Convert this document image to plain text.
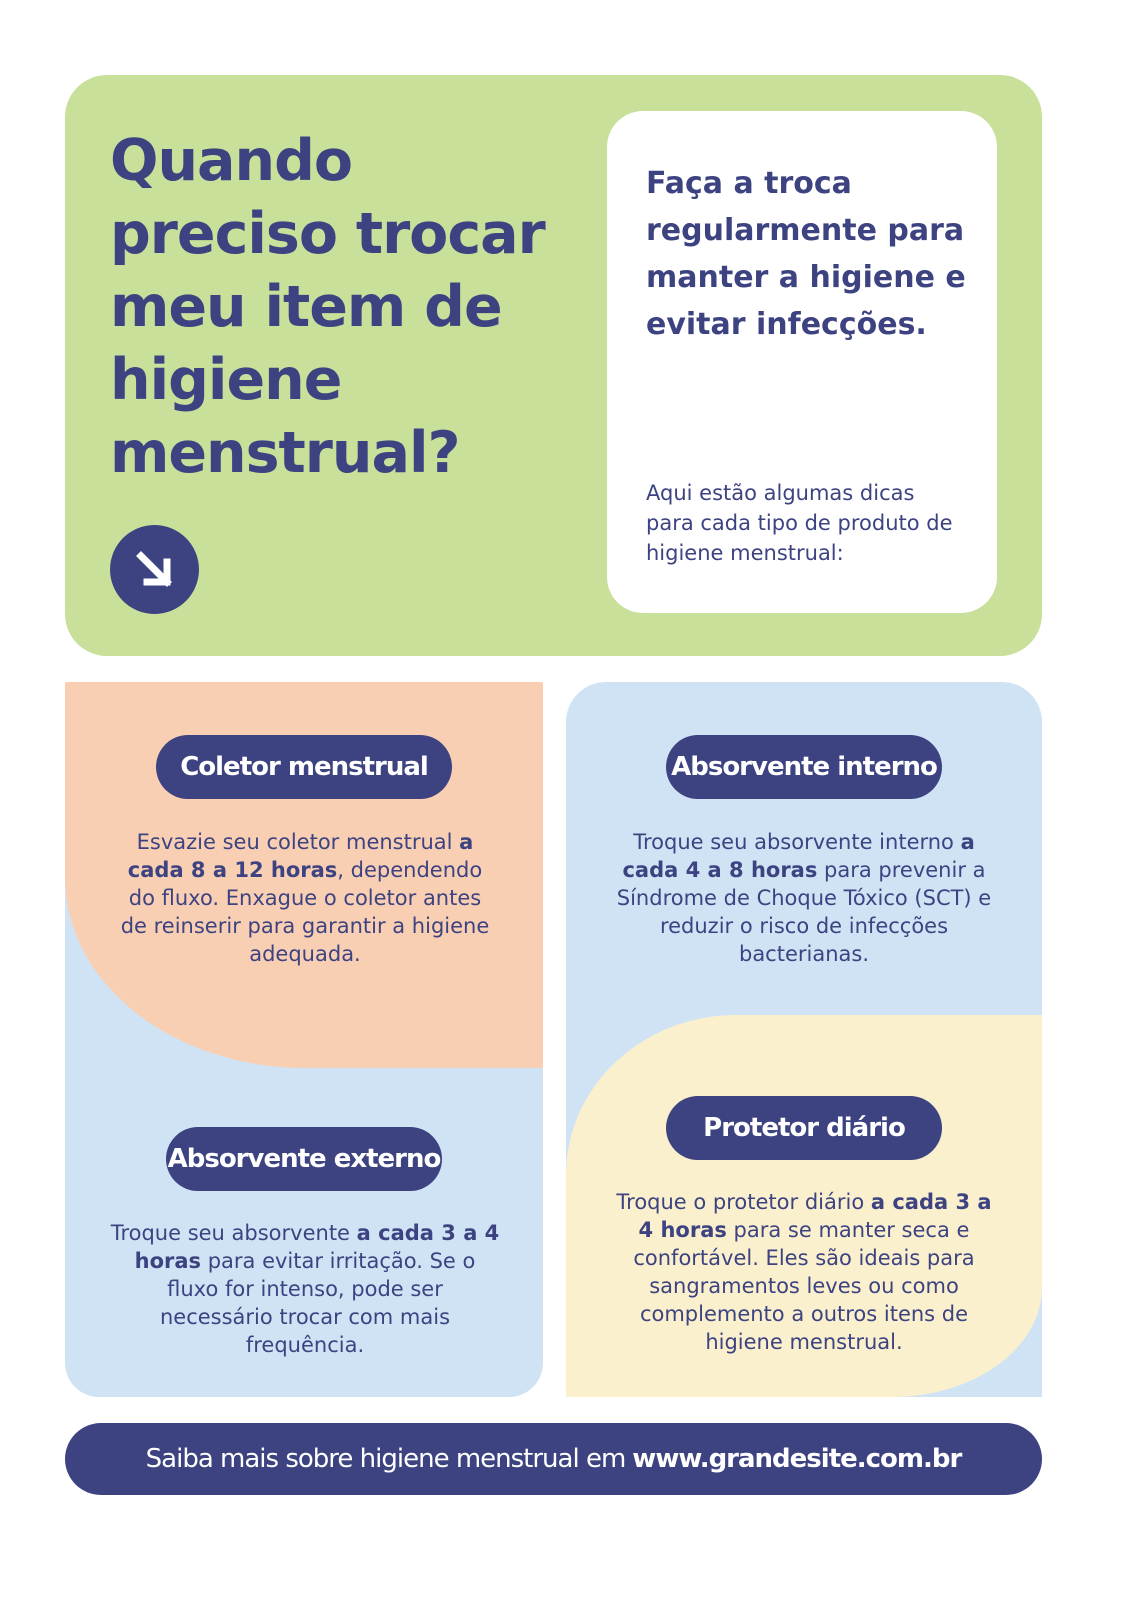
Quando preciso trocar meu item de higiene menstrual?

Faça a troca regularmente para manter a higiene e evitar infecções.

Aqui estão algumas dicas para cada tipo de produto de higiene menstrual:

Coletor menstrual

Esvazie seu coletor menstrual a cada 8 a 12 horas, dependendo do fluxo. Enxague o coletor antes de reinserir para garantir a higiene adequada.

Absorvente externo

Troque seu absorvente a cada 3 a 4 horas para evitar irritação. Se o fluxo for intenso, pode ser necessário trocar com mais frequência.

Absorvente interno

Troque seu absorvente interno a cada 4 a 8 horas para prevenir a Síndrome de Choque Tóxico (SCT) e reduzir o risco de infecções bacterianas.

Protetor diário

Troque o protetor diário a cada 3 a 4 horas para se manter seca e confortável. Eles são ideais para sangramentos leves ou como complemento a outros itens de higiene menstrual.

Saiba mais sobre higiene menstrual em www.grandesite.com.br
